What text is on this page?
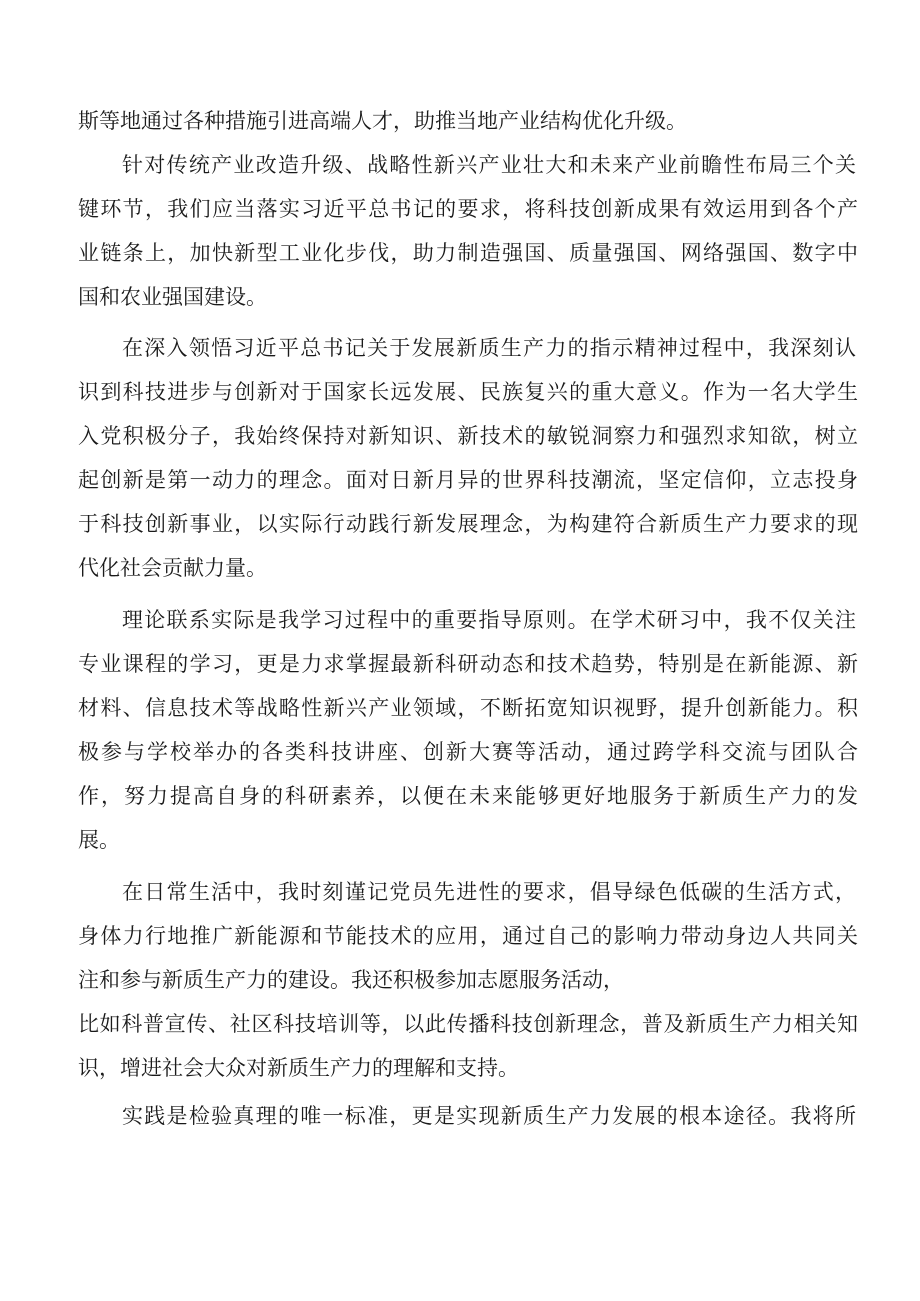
斯等地通过各种措施引进高端人才，助推当地产业结构优化升级。
针对传统产业改造升级、战略性新兴产业壮大和未来产业前瞻性布局三个关
键环节，我们应当落实习近平总书记的要求，将科技创新成果有效运用到各个产
业链条上，加快新型工业化步伐，助力制造强国、质量强国、网络强国、数字中
国和农业强国建设。
在深入领悟习近平总书记关于发展新质生产力的指示精神过程中，我深刻认
识到科技进步与创新对于国家长远发展、民族复兴的重大意义。作为一名大学生
入党积极分子，我始终保持对新知识、新技术的敏锐洞察力和强烈求知欲，树立
起创新是第一动力的理念。面对日新月异的世界科技潮流，坚定信仰，立志投身
于科技创新事业，以实际行动践行新发展理念，为构建符合新质生产力要求的现
代化社会贡献力量。
理论联系实际是我学习过程中的重要指导原则。在学术研习中，我不仅关注
专业课程的学习，更是力求掌握最新科研动态和技术趋势，特别是在新能源、新
材料、信息技术等战略性新兴产业领域，不断拓宽知识视野，提升创新能力。积
极参与学校举办的各类科技讲座、创新大赛等活动，通过跨学科交流与团队合
作，努力提高自身的科研素养，以便在未来能够更好地服务于新质生产力的发
展。
在日常生活中，我时刻谨记党员先进性的要求，倡导绿色低碳的生活方式，
身体力行地推广新能源和节能技术的应用，通过自己的影响力带动身边人共同关
注和参与新质生产力的建设。我还积极参加志愿服务活动，
比如科普宣传、社区科技培训等，以此传播科技创新理念，普及新质生产力相关知
识，增进社会大众对新质生产力的理解和支持。
实践是检验真理的唯一标准，更是实现新质生产力发展的根本途径。我将所
